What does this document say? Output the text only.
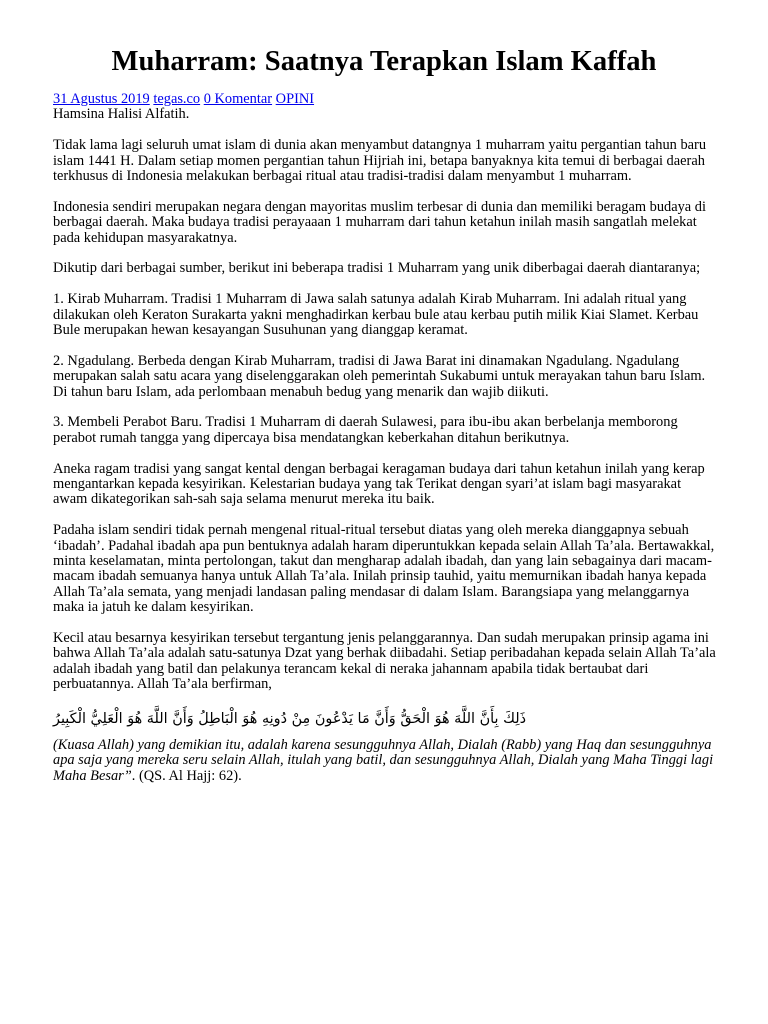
Muharram: Saatnya Terapkan Islam Kaffah
31 Agustus 2019 tegas.co 0 Komentar OPINI
Hamsina Halisi Alfatih.

Tidak lama lagi seluruh umat islam di dunia akan menyambut datangnya 1 muharram yaitu pergantian tahun baru islam 1441 H. Dalam setiap momen pergantian tahun Hijriah ini, betapa banyaknya kita temui di berbagai daerah terkhusus di Indonesia melakukan berbagai ritual atau tradisi-tradisi dalam menyambut 1 muharram.

Indonesia sendiri merupakan negara dengan mayoritas muslim terbesar di dunia dan memiliki beragam budaya di berbagai daerah. Maka budaya tradisi perayaaan 1 muharram dari tahun ketahun inilah masih sangatlah melekat pada kehidupan masyarakatnya.

Dikutip dari berbagai sumber, berikut ini beberapa tradisi 1 Muharram yang unik diberbagai daerah diantaranya;

1. Kirab Muharram. Tradisi 1 Muharram di Jawa salah satunya adalah Kirab Muharram. Ini adalah ritual yang dilakukan oleh Keraton Surakarta yakni menghadirkan kerbau bule atau kerbau putih milik Kiai Slamet. Kerbau Bule merupakan hewan kesayangan Susuhunan yang dianggap keramat.

2. Ngadulang. Berbeda dengan Kirab Muharram, tradisi di Jawa Barat ini dinamakan Ngadulang. Ngadulang merupakan salah satu acara yang diselenggarakan oleh pemerintah Sukabumi untuk merayakan tahun baru Islam. Di tahun baru Islam, ada perlombaan menabuh bedug yang menarik dan wajib diikuti.

3. Membeli Perabot Baru. Tradisi 1 Muharram di daerah Sulawesi, para ibu-ibu akan berbelanja memborong perabot rumah tangga yang dipercaya bisa mendatangkan keberkahan ditahun berikutnya.

Aneka ragam tradisi yang sangat kental dengan berbagai keragaman budaya dari tahun ketahun inilah yang kerap mengantarkan kepada kesyirikan. Kelestarian budaya yang tak Terikat dengan syari’at islam bagi masyarakat awam dikategorikan sah-sah saja selama menurut mereka itu baik.

Padaha islam sendiri tidak pernah mengenal ritual-ritual tersebut diatas yang oleh mereka dianggapnya sebuah ‘ibadah’. Padahal ibadah apa pun bentuknya adalah haram diperuntukkan kepada selain Allah Ta’ala. Bertawakkal, minta keselamatan, minta pertolongan, takut dan mengharap adalah ibadah, dan yang lain sebagainya dari macam-macam ibadah semuanya hanya untuk Allah Ta’ala. Inilah prinsip tauhid, yaitu memurnikan ibadah hanya kepada Allah Ta’ala semata, yang menjadi landasan paling mendasar di dalam Islam. Barangsiapa yang melanggarnya maka ia jatuh ke dalam kesyirikan.

Kecil atau besarnya kesyirikan tersebut tergantung jenis pelanggarannya. Dan sudah merupakan prinsip agama ini bahwa Allah Ta’ala adalah satu-satunya Dzat yang berhak diibadahi. Setiap peribadahan kepada selain Allah Ta’ala adalah ibadah yang batil dan pelakunya terancam kekal di neraka jahannam apabila tidak bertaubat dari perbuatannya. Allah Ta’ala berfirman,

ذَلِكَ بِأَنَّ اللَّهَ هُوَ الْحَقُّ وَأَنَّ مَا يَدْعُونَ مِنْ دُونِهِ هُوَ الْبَاطِلُ وَأَنَّ اللَّهَ هُوَ الْعَلِيُّ الْكَبِيرُ

(Kuasa Allah) yang demikian itu, adalah karena sesungguhnya Allah, Dialah (Rabb) yang Haq dan sesungguhnya apa saja yang mereka seru selain Allah, itulah yang batil, dan sesungguhnya Allah, Dialah yang Maha Tinggi lagi Maha Besar”. (QS. Al Hajj: 62).
